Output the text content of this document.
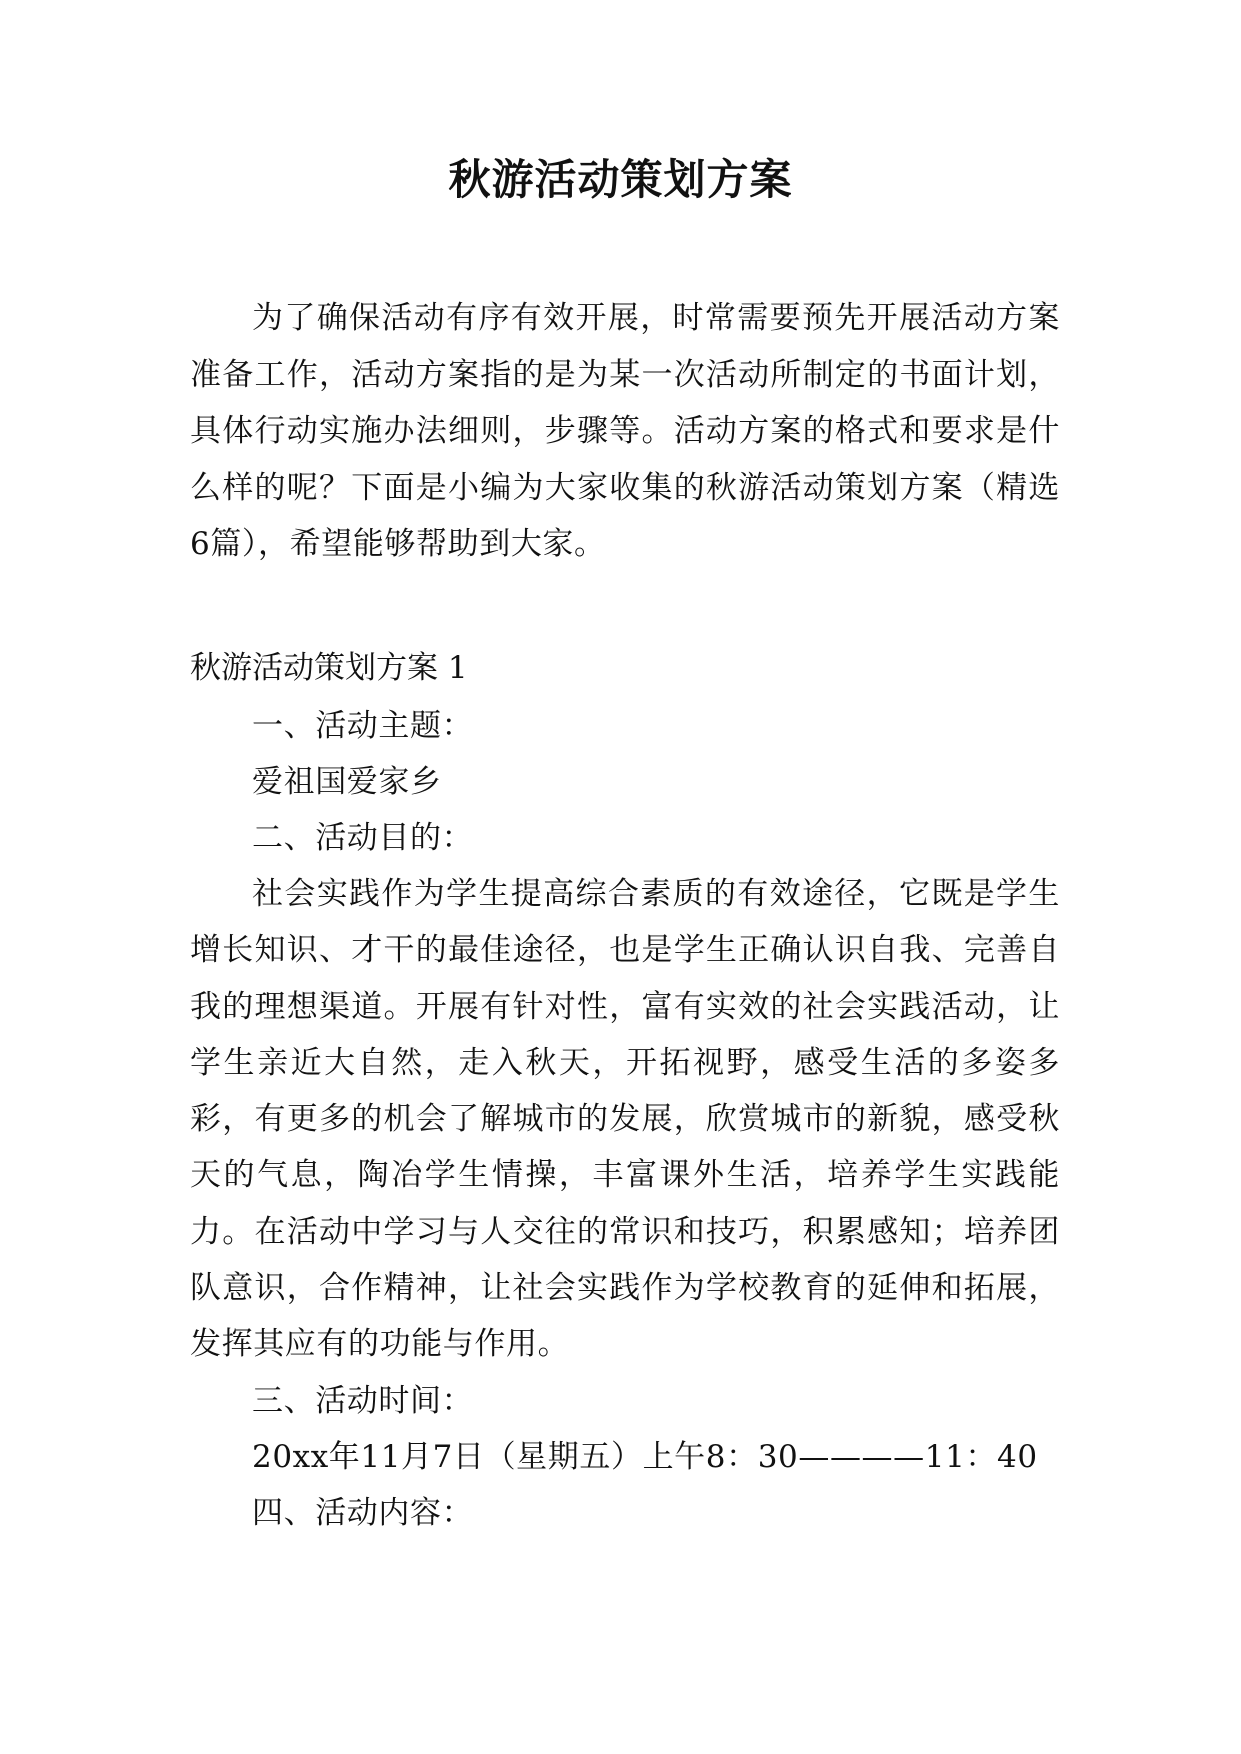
秋游活动策划方案

为了确保活动有序有效开展，时常需要预先开展活动方案准备工作，活动方案指的是为某一次活动所制定的书面计划，具体行动实施办法细则，步骤等。活动方案的格式和要求是什么样的呢？下面是小编为大家收集的秋游活动策划方案（精选6篇），希望能够帮助到大家。

秋游活动策划方案 1

一、活动主题：

爱祖国爱家乡

二、活动目的：

社会实践作为学生提高综合素质的有效途径，它既是学生增长知识、才干的最佳途径，也是学生正确认识自我、完善自我的理想渠道。开展有针对性，富有实效的社会实践活动，让学生亲近大自然，走入秋天，开拓视野，感受生活的多姿多彩，有更多的机会了解城市的发展，欣赏城市的新貌，感受秋天的气息，陶冶学生情操，丰富课外生活，培养学生实践能力。在活动中学习与人交往的常识和技巧，积累感知；培养团队意识，合作精神，让社会实践作为学校教育的延伸和拓展，发挥其应有的功能与作用。

三、活动时间：

20xx年11月7日（星期五）上午8：30————11：40

四、活动内容：
